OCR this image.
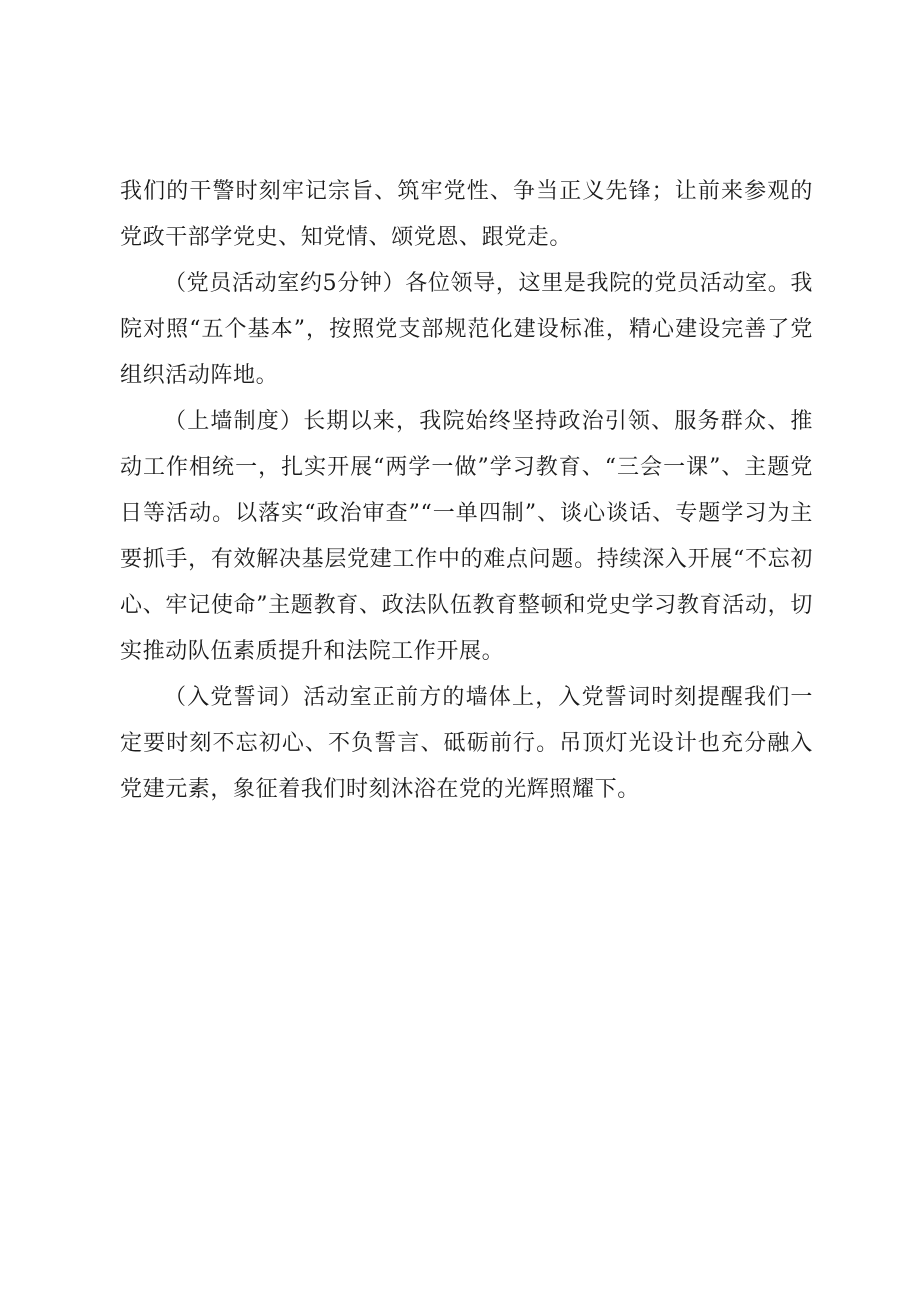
我们的干警时刻牢记宗旨、筑牢党性、争当正义先锋；让前来参观的党政干部学党史、知党情、颂党恩、跟党走。

（党员活动室约5分钟）各位领导，这里是我院的党员活动室。我院对照“五个基本”，按照党支部规范化建设标准，精心建设完善了党组织活动阵地。

（上墙制度）长期以来，我院始终坚持政治引领、服务群众、推动工作相统一，扎实开展“两学一做”学习教育、“三会一课”、主题党日等活动。以落实“政治审查”“一单四制”、谈心谈话、专题学习为主要抓手，有效解决基层党建工作中的难点问题。持续深入开展“不忘初心、牢记使命”主题教育、政法队伍教育整顿和党史学习教育活动，切实推动队伍素质提升和法院工作开展。

（入党誓词）活动室正前方的墙体上，入党誓词时刻提醒我们一定要时刻不忘初心、不负誓言、砥砺前行。吊顶灯光设计也充分融入党建元素，象征着我们时刻沐浴在党的光辉照耀下。
